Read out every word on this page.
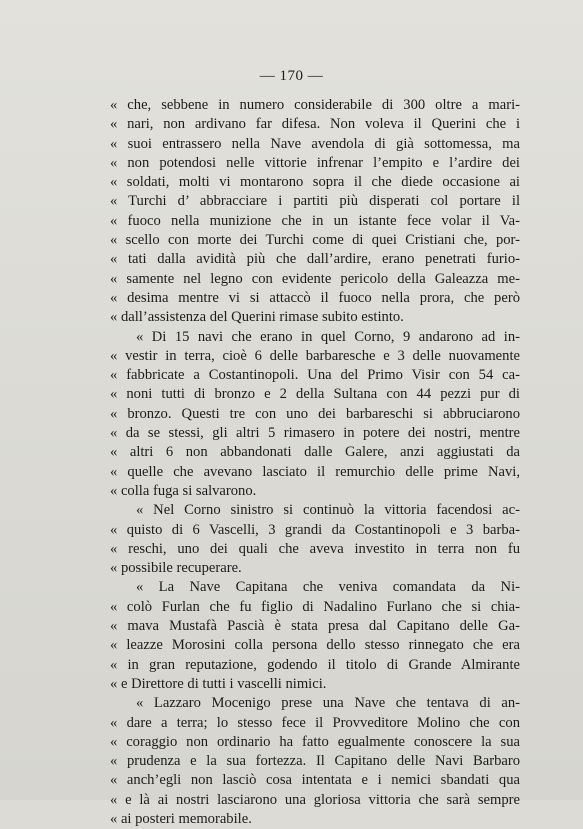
— 170 —
« che, sebbene in numero considerabile di 300 oltre a mari-
« nari, non ardivano far difesa. Non voleva il Querini che i
« suoi entrassero nella Nave avendola di già sottomessa, ma
« non potendosi nelle vittorie infrenar l’empito e l’ardire dei
« soldati, molti vi montarono sopra il che diede occasione ai
« Turchi d’ abbracciare i partiti più disperati col portare il
« fuoco nella munizione che in un istante fece volar il Va-
« scello con morte dei Turchi come di quei Cristiani che, por-
« tati dalla avidità più che dall’ardire, erano penetrati furio-
« samente nel legno con evidente pericolo della Galeazza me-
« desima mentre vi si attaccò il fuoco nella prora, che però
« dall’assistenza del Querini rimase subito estinto.
« Di 15 navi che erano in quel Corno, 9 andarono ad in-
« vestir in terra, cioè 6 delle barbaresche e 3 delle nuovamente
« fabbricate a Costantinopoli. Una del Primo Visir con 54 ca-
« noni tutti di bronzo e 2 della Sultana con 44 pezzi pur di
« bronzo. Questi tre con uno dei barbareschi si abbruciarono
« da se stessi, gli altri 5 rimasero in potere dei nostri, mentre
« altri 6 non abbandonati dalle Galere, anzi aggiustati da
« quelle che avevano lasciato il remurchio delle prime Navi,
« colla fuga si salvarono.
« Nel Corno sinistro si continuò la vittoria facendosi ac-
« quisto di 6 Vascelli, 3 grandi da Costantinopoli e 3 barba-
« reschi, uno dei quali che aveva investito in terra non fu
« possibile recuperare.
« La Nave Capitana che veniva comandata da Ni-
« colò Furlan che fu figlio di Nadalino Furlano che si chia-
« mava Mustafà Pascià è stata presa dal Capitano delle Ga-
« leazze Morosini colla persona dello stesso rinnegato che era
« in gran reputazione, godendo il titolo di Grande Almirante
« e Direttore di tutti i vascelli nimici.
« Lazzaro Mocenigo prese una Nave che tentava di an-
« dare a terra; lo stesso fece il Provveditore Molino che con
« coraggio non ordinario ha fatto egualmente conoscere la sua
« prudenza e la sua fortezza. Il Capitano delle Navi Barbaro
« anch’egli non lasciò cosa intentata e i nemici sbandati qua
« e là ai nostri lasciarono una gloriosa vittoria che sarà sempre
« ai posteri memorabile.
